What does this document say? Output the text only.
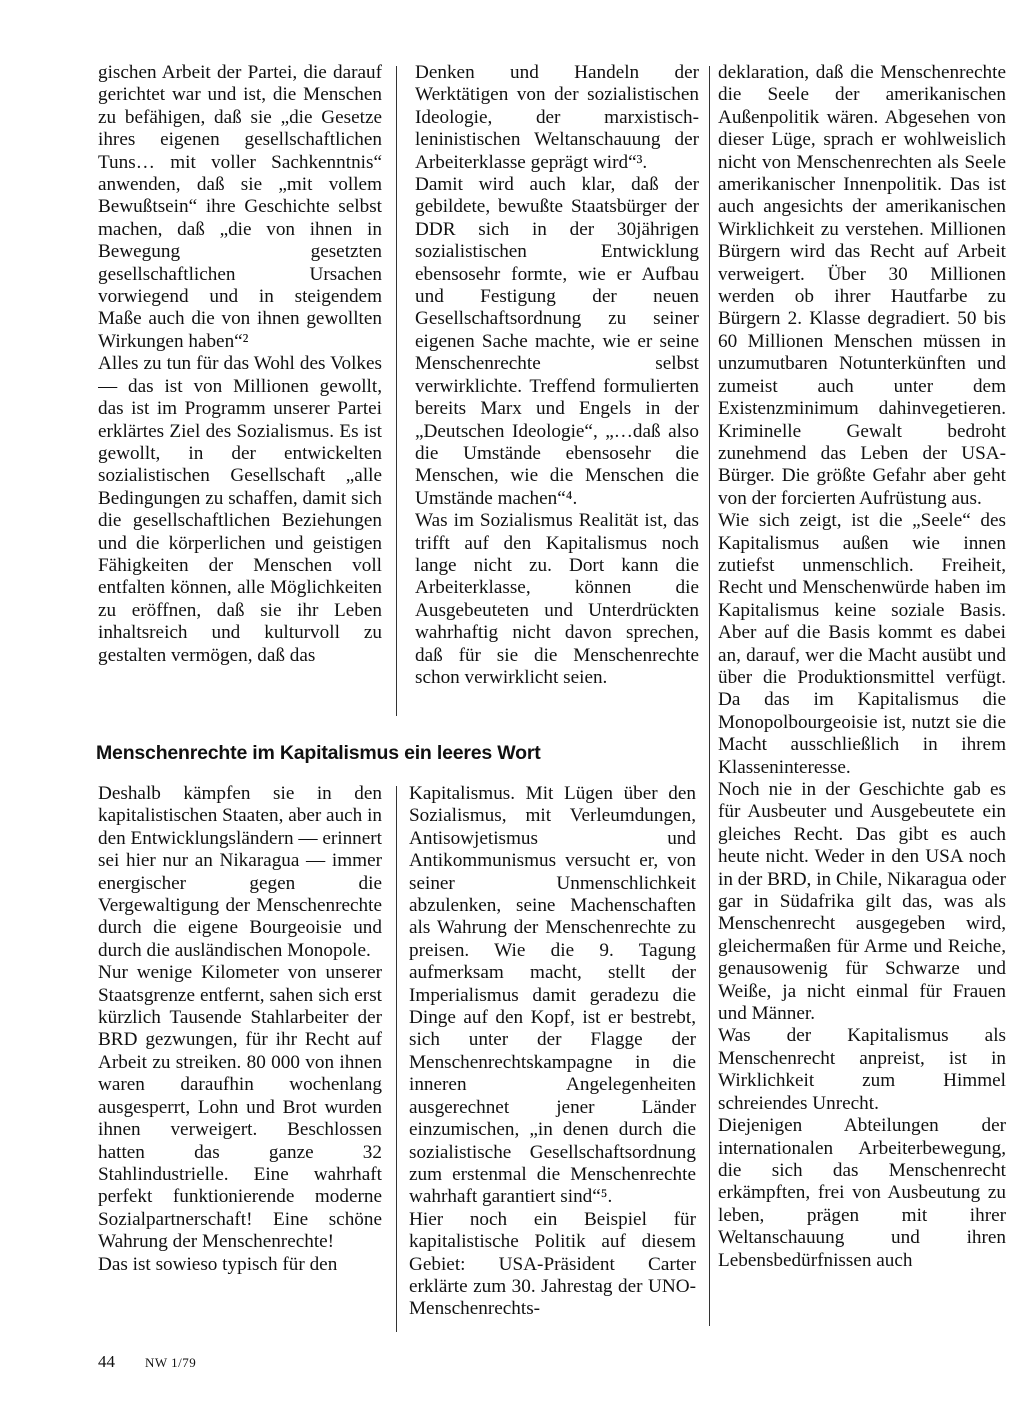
gischen Arbeit der Partei, die darauf gerichtet war und ist, die Menschen zu befähigen, daß sie „die Gesetze ihres eigenen gesellschaftlichen Tuns… mit voller Sachkenntnis“ anwenden, daß sie „mit vollem Bewußtsein“ ihre Geschichte selbst machen, daß „die von ihnen in Bewegung gesetzten gesellschaftlichen Ursachen vorwiegend und in steigendem Maße auch die von ihnen gewollten Wirkungen haben“²

Alles zu tun für das Wohl des Volkes — das ist von Millionen gewollt, das ist im Programm unserer Partei erklärtes Ziel des Sozialismus. Es ist gewollt, in der entwickelten sozialistischen Gesellschaft „alle Bedingungen zu schaffen, damit sich die gesellschaftlichen Beziehungen und die körperlichen und geistigen Fähigkeiten der Menschen voll entfalten können, alle Möglichkeiten zu eröffnen, daß sie ihr Leben inhaltsreich und kulturvoll zu gestalten vermögen, daß das

Denken und Handeln der Werktätigen von der sozialistischen Ideologie, der marxistisch-leninistischen Weltanschauung der Arbeiterklasse geprägt wird“³.

Damit wird auch klar, daß der gebildete, bewußte Staatsbürger der DDR sich in der 30jährigen sozialistischen Entwicklung ebensosehr formte, wie er Aufbau und Festigung der neuen Gesellschaftsordnung zu seiner eigenen Sache machte, wie er seine Menschenrechte selbst verwirklichte. Treffend formulierten bereits Marx und Engels in der „Deutschen Ideologie“, „…daß also die Umstände ebensosehr die Menschen, wie die Menschen die Umstände machen“⁴.

Was im Sozialismus Realität ist, das trifft auf den Kapitalismus noch lange nicht zu. Dort kann die Arbeiterklasse, können die Ausgebeuteten und Unterdrückten wahrhaftig nicht davon sprechen, daß für sie die Menschenrechte schon verwirklicht seien.

Menschenrechte im Kapitalismus ein leeres Wort

Deshalb kämpfen sie in den kapitalistischen Staaten, aber auch in den Entwicklungsländern — erinnert sei hier nur an Nikaragua — immer energischer gegen die Vergewaltigung der Menschenrechte durch die eigene Bourgeoisie und durch die ausländischen Monopole.

Nur wenige Kilometer von unserer Staatsgrenze entfernt, sahen sich erst kürzlich Tausende Stahlarbeiter der BRD gezwungen, für ihr Recht auf Arbeit zu streiken. 80 000 von ihnen waren daraufhin wochenlang ausgesperrt, Lohn und Brot wurden ihnen verweigert. Beschlossen hatten das ganze 32 Stahlindustrielle. Eine wahrhaft perfekt funktionierende moderne Sozialpartnerschaft! Eine schöne Wahrung der Menschenrechte!

Das ist sowieso typisch für den

Kapitalismus. Mit Lügen über den Sozialismus, mit Verleumdungen, Antisowjetismus und Antikommunismus versucht er, von seiner Unmenschlichkeit abzulenken, seine Machenschaften als Wahrung der Menschenrechte zu preisen. Wie die 9. Tagung aufmerksam macht, stellt der Imperialismus damit geradezu die Dinge auf den Kopf, ist er bestrebt, sich unter der Flagge der Menschenrechtskampagne in die inneren Angelegenheiten ausgerechnet jener Länder einzumischen, „in denen durch die sozialistische Gesellschaftsordnung zum erstenmal die Menschenrechte wahrhaft garantiert sind“⁵.

Hier noch ein Beispiel für kapitalistische Politik auf diesem Gebiet: USA-Präsident Carter erklärte zum 30. Jahrestag der UNO-Menschenrechts-

deklaration, daß die Menschenrechte die Seele der amerikanischen Außenpolitik wären. Abgesehen von dieser Lüge, sprach er wohlweislich nicht von Menschenrechten als Seele amerikanischer Innenpolitik. Das ist auch angesichts der amerikanischen Wirklichkeit zu verstehen. Millionen Bürgern wird das Recht auf Arbeit verweigert. Über 30 Millionen werden ob ihrer Hautfarbe zu Bürgern 2. Klasse degradiert. 50 bis 60 Millionen Menschen müssen in unzumutbaren Notunterkünften und zumeist auch unter dem Existenzminimum dahinvegetieren. Kriminelle Gewalt bedroht zunehmend das Leben der USA-Bürger. Die größte Gefahr aber geht von der forcierten Aufrüstung aus.

Wie sich zeigt, ist die „Seele“ des Kapitalismus außen wie innen zutiefst unmenschlich. Freiheit, Recht und Menschenwürde haben im Kapitalismus keine soziale Basis. Aber auf die Basis kommt es dabei an, darauf, wer die Macht ausübt und über die Produktionsmittel verfügt. Da das im Kapitalismus die Monopolbourgeoisie ist, nutzt sie die Macht ausschließlich in ihrem Klasseninteresse.

Noch nie in der Geschichte gab es für Ausbeuter und Ausgebeutete ein gleiches Recht. Das gibt es auch heute nicht. Weder in den USA noch in der BRD, in Chile, Nikaragua oder gar in Südafrika gilt das, was als Menschenrecht ausgegeben wird, gleichermaßen für Arme und Reiche, genausowenig für Schwarze und Weiße, ja nicht einmal für Frauen und Männer.

Was der Kapitalismus als Menschenrecht anpreist, ist in Wirklichkeit zum Himmel schreiendes Unrecht.

Diejenigen Abteilungen der internationalen Arbeiterbewegung, die sich das Menschenrecht erkämpften, frei von Ausbeutung zu leben, prägen mit ihrer Weltanschauung und ihren Lebensbedürfnissen auch

44 NW 1/79
